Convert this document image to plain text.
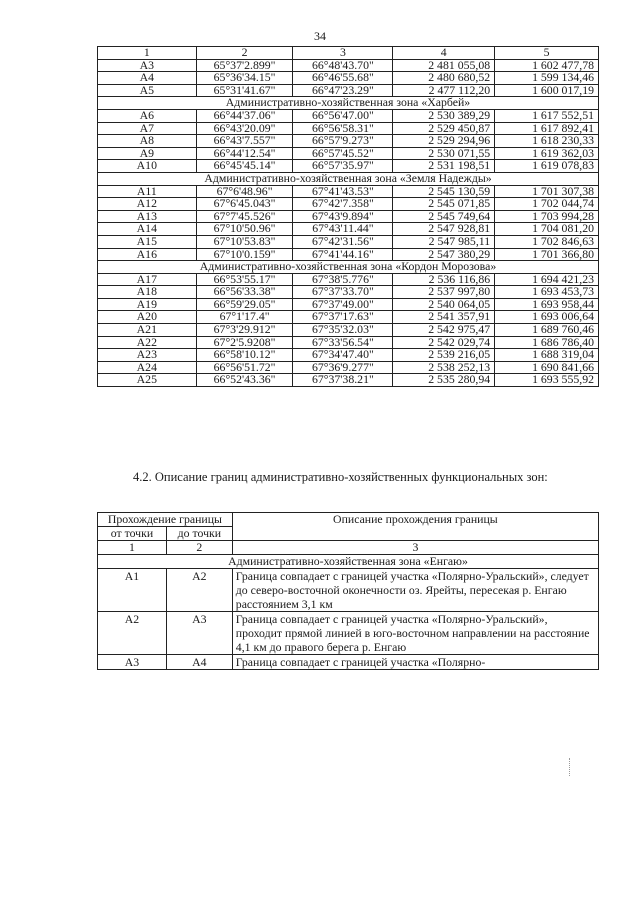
34
1	2	3	4	5
A3	65°37'2.899"	66°48'43.70"	2 481 055,08	1 602 477,78
A4	65°36'34.15"	66°46'55.68"	2 480 680,52	1 599 134,46
A5	65°31'41.67"	66°47'23.29"	2 477 112,20	1 600 017,19
Административно-хозяйственная зона «Харбей»				
A6	66°44'37.06"	66°56'47.00"	2 530 389,29	1 617 552,51
A7	66°43'20.09"	66°56'58.31"	2 529 450,87	1 617 892,41
A8	66°43'7.557"	66°57'9.273"	2 529 294,96	1 618 230,33
A9	66°44'12.54"	66°57'45.52"	2 530 071,55	1 619 362,03
A10	66°45'45.14"	66°57'35.97"	2 531 198,51	1 619 078,83
Административно-хозяйственная зона «Земля Надежды»				
A11	67°6'48.96"	67°41'43.53"	2 545 130,59	1 701 307,38
A12	67°6'45.043"	67°42'7.358"	2 545 071,85	1 702 044,74
A13	67°7'45.526"	67°43'9.894"	2 545 749,64	1 703 994,28
A14	67°10'50.96"	67°43'11.44"	2 547 928,81	1 704 081,20
A15	67°10'53.83"	67°42'31.56"	2 547 985,11	1 702 846,63
A16	67°10'0.159"	67°41'44.16"	2 547 380,29	1 701 366,80
Административно-хозяйственная зона «Кордон Морозова»				
A17	66°53'55.17"	67°38'5.776"	2 536 116,86	1 694 421,23
A18	66°56'33.38"	67°37'33.70"	2 537 997,80	1 693 453,73
A19	66°59'29.05"	67°37'49.00"	2 540 064,05	1 693 958,44
A20	67°1'17.4"	67°37'17.63"	2 541 357,91	1 693 006,64
A21	67°3'29.912"	67°35'32.03"	2 542 975,47	1 689 760,46
A22	67°2'5.9208"	67°33'56.54"	2 542 029,74	1 686 786,40
A23	66°58'10.12"	67°34'47.40"	2 539 216,05	1 688 319,04
A24	66°56'51.72"	67°36'9.277"	2 538 252,13	1 690 841,66
A25	66°52'43.36"	67°37'38.21"	2 535 280,94	1 693 555,92
4.2. Описание границ административно-хозяйственных функциональных зон:
Прохождение границы		Описание прохождения границы
от точки	до точки	
1	2	3
Административно-хозяйственная зона «Енгаю»		
A1	A2	Граница совпадает с границей участка «Полярно-Уральский», следует до северо-восточной оконечности оз. Ярейты, пересекая р. Енгаю расстоянием 3,1 км
A2	A3	Граница совпадает с границей участка «Полярно-Уральский», проходит прямой линией в юго-восточном направлении на расстояние 4,1 км до правого берега р. Енгаю
A3	A4	Граница совпадает с границей участка «Полярно-
